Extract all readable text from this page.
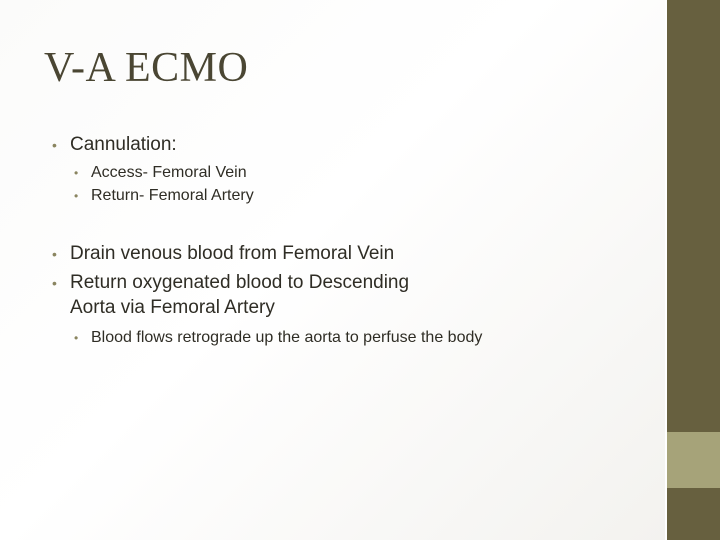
V-A ECMO
• Cannulation:
• Access- Femoral Vein
• Return- Femoral Artery
• Drain venous blood from Femoral Vein
• Return oxygenated blood to Descending Aorta via Femoral Artery
• Blood flows retrograde up the aorta to perfuse the body
